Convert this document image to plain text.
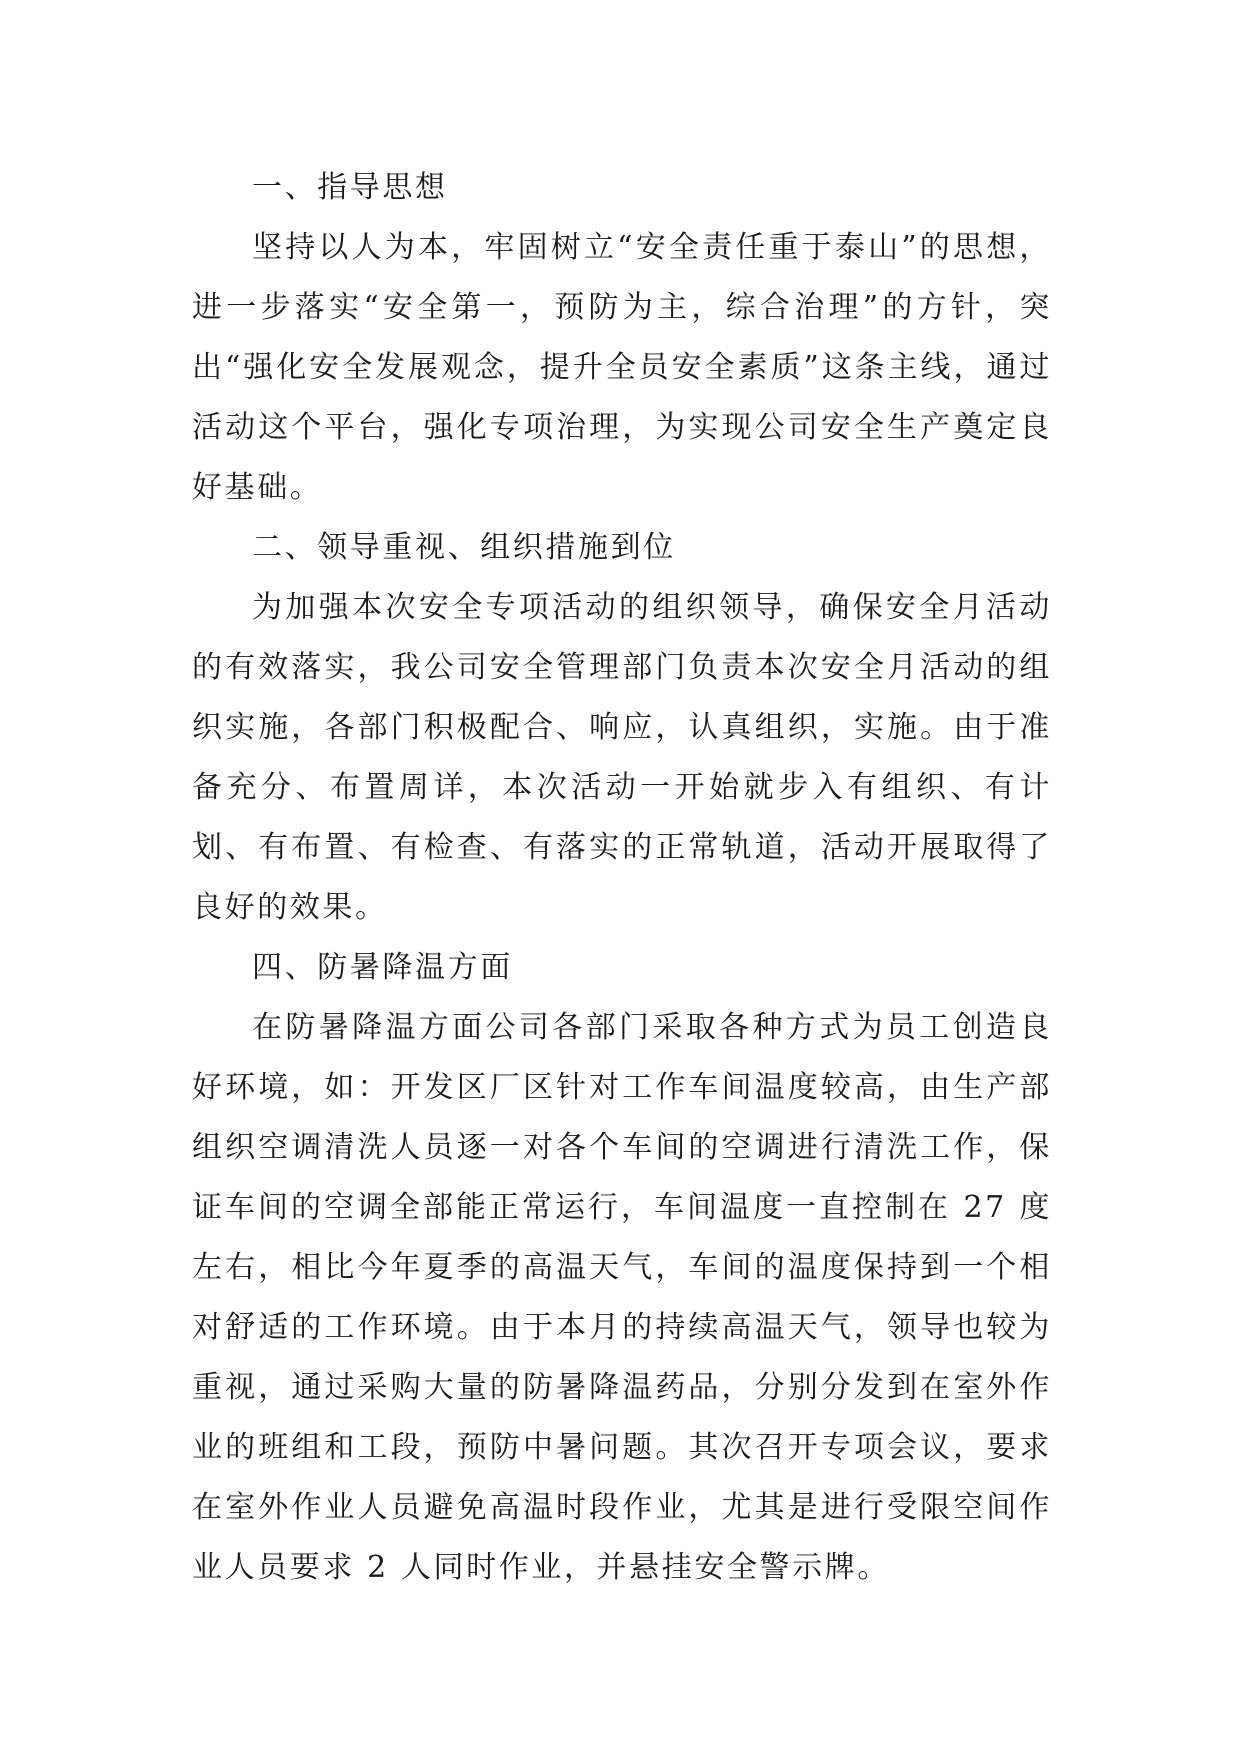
一、指导思想

坚持以人为本，牢固树立“安全责任重于泰山”的思想，进一步落实“安全第一，预防为主，综合治理”的方针，突出“强化安全发展观念，提升全员安全素质”这条主线，通过活动这个平台，强化专项治理，为实现公司安全生产奠定良好基础。

二、领导重视、组织措施到位

为加强本次安全专项活动的组织领导，确保安全月活动的有效落实，我公司安全管理部门负责本次安全月活动的组织实施，各部门积极配合、响应，认真组织，实施。由于准备充分、布置周详，本次活动一开始就步入有组织、有计划、有布置、有检查、有落实的正常轨道，活动开展取得了良好的效果。

四、防暑降温方面

在防暑降温方面公司各部门采取各种方式为员工创造良好环境，如：开发区厂区针对工作车间温度较高，由生产部组织空调清洗人员逐一对各个车间的空调进行清洗工作，保证车间的空调全部能正常运行，车间温度一直控制在 27 度左右，相比今年夏季的高温天气，车间的温度保持到一个相对舒适的工作环境。由于本月的持续高温天气，领导也较为重视，通过采购大量的防暑降温药品，分别分发到在室外作业的班组和工段，预防中暑问题。其次召开专项会议，要求在室外作业人员避免高温时段作业，尤其是进行受限空间作业人员要求 2 人同时作业，并悬挂安全警示牌。
